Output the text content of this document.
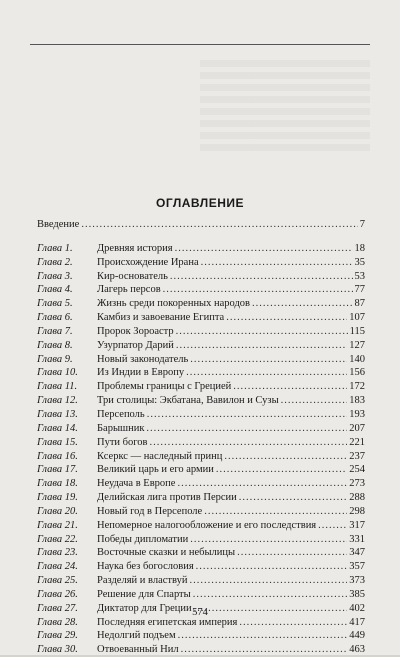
ОГЛАВЛЕНИЕ
Введение .....	7
Глава 1.	Древняя история .....	18
Глава 2.	Происхождение Ирана .....	35
Глава 3.	Кир-основатель .....	53
Глава 4.	Лагерь персов .....	77
Глава 5.	Жизнь среди покоренных народов .....	87
Глава 6.	Камбиз и завоевание Египта .....	107
Глава 7.	Пророк Зороастр .....	115
Глава 8.	Узурпатор Дарий .....	127
Глава 9.	Новый законодатель .....	140
Глава 10.	Из Индии в Европу .....	156
Глава 11.	Проблемы границы с Грецией .....	172
Глава 12.	Три столицы: Экбатана, Вавилон и Сузы .....	183
Глава 13.	Персеполь .....	193
Глава 14.	Барышник .....	207
Глава 15.	Пути богов .....	221
Глава 16.	Ксеркс — наследный принц .....	237
Глава 17.	Великий царь и его армии .....	254
Глава 18.	Неудача в Европе .....	273
Глава 19.	Делийская лига против Персии .....	288
Глава 20.	Новый год в Персеполе .....	298
Глава 21.	Непомерное налогообложение и его последствия .....	317
Глава 22.	Победы дипломатии .....	331
Глава 23.	Восточные сказки и небылицы .....	347
Глава 24.	Наука без богословия .....	357
Глава 25.	Разделяй и властвуй .....	373
Глава 26.	Решение для Спарты .....	385
Глава 27.	Диктатор для Греции .....	402
Глава 28.	Последняя египетская империя .....	417
Глава 29.	Недолгий подъем .....	449
Глава 30.	Отвоеванный Нил .....	463
574
